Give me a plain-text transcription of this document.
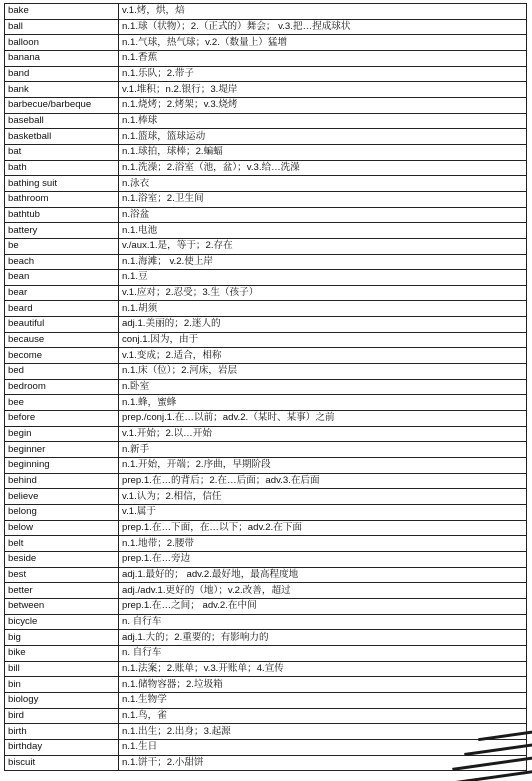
bake	v.1.烤，烘，焙
ball	n.1.球（状物）；2.（正式的）舞会； v.3.把…捏成球状
balloon	n.1.气球，热气球；v.2.（数量上）猛增
banana	n.1.香蕉
band	n.1.乐队；2.带子
bank	v.1.堆积；n.2.银行；3.堤岸
barbecue/barbeque	n.1.烧烤；2.烤架；v.3.烧烤
baseball	n.1.棒球
basketball	n.1.篮球，篮球运动
bat	n.1.球拍，球棒；2.蝙蝠
bath	n.1.洗澡；2.浴室（池，盆）；v.3.给…洗澡
bathing suit	n.泳衣
bathroom	n.1.浴室；2.卫生间
bathtub	n.浴盆
battery	n.1.电池
be	v./aux.1.是，等于；2.存在
beach	n.1.海滩； v.2.使上岸
bean	n.1.豆
bear	v.1.应对；2.忍受；3.生（孩子）
beard	n.1.胡须
beautiful	adj.1.美丽的；2.迷人的
because	conj.1.因为，由于
become	v.1.变成；2.适合，相称
bed	n.1.床（位）；2.河床，岩层
bedroom	n.卧室
bee	n.1.蜂，蜜蜂
before	prep./conj.1.在…以前；adv.2.（某时、某事）之前
begin	v.1.开始；2.以…开始
beginner	n.新手
beginning	n.1.开始，开端；2.序曲，早期阶段
behind	prep.1.在…的背后；2.在…后面；adv.3.在后面
believe	v.1.认为；2.相信，信任
belong	v.1.属于
below	prep.1.在…下面，在…以下；adv.2.在下面
belt	n.1.地带；2.腰带
beside	prep.1.在…旁边
best	adj.1.最好的； adv.2.最好地，最高程度地
better	adj./adv.1.更好的（地）；v.2.改善，超过
between	prep.1.在…之间； adv.2.在中间
bicycle	n. 自行车
big	adj.1.大的；2.重要的；有影响力的
bike	n. 自行车
bill	n.1.法案；2.账单；v.3.开账单；4.宣传
bin	n.1.储物容器；2.垃圾箱
biology	n.1.生物学
bird	n.1.鸟，雀
birth	n.1.出生；2.出身；3.起源
birthday	n.1.生日
biscuit	n.1.饼干；2.小甜饼
